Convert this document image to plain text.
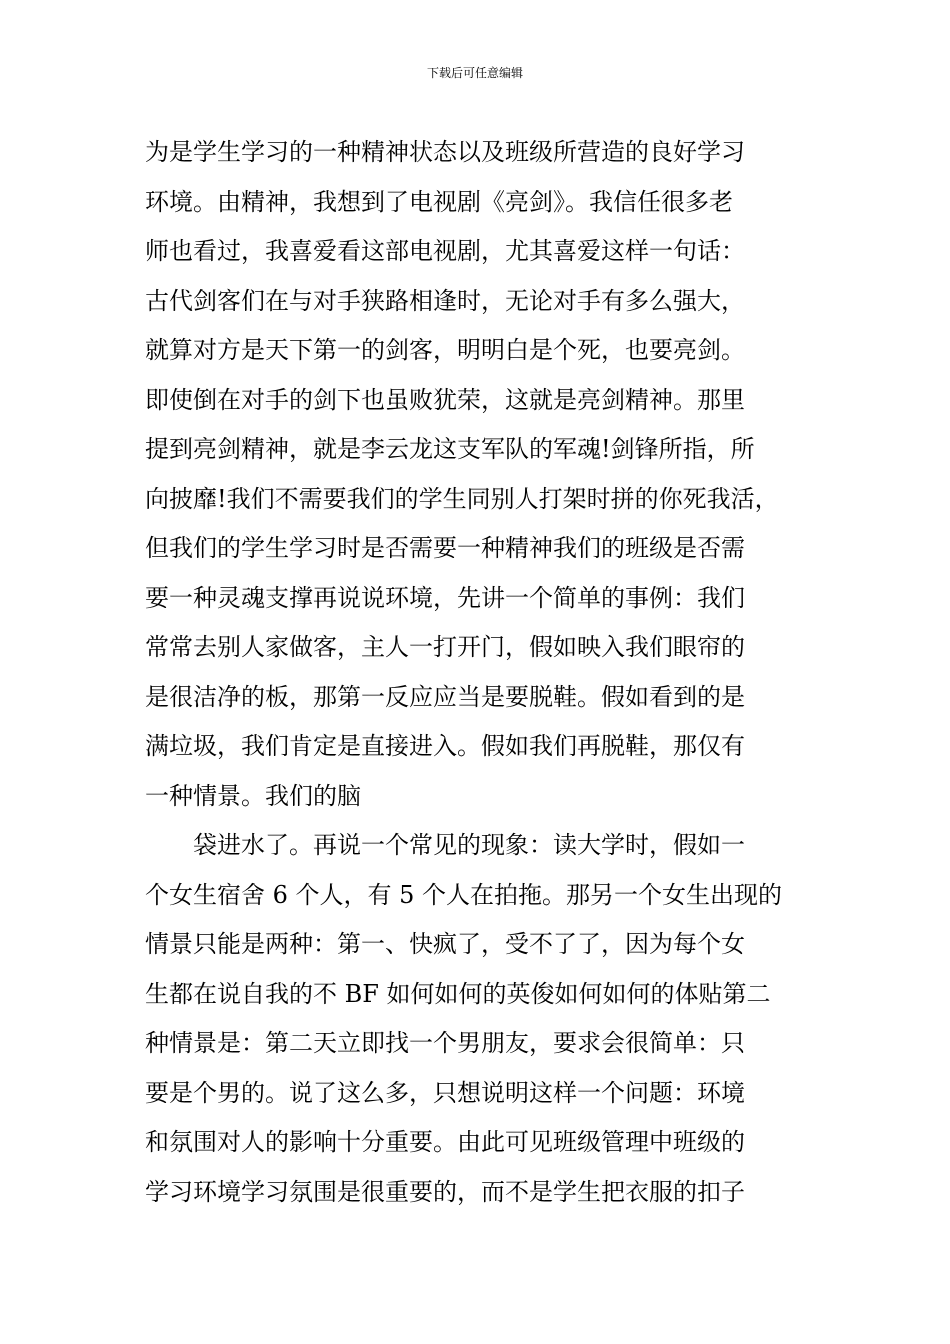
下载后可任意编辑
为是学生学习的一种精神状态以及班级所营造的良好学习
环境。由精神，我想到了电视剧《亮剑》。我信任很多老
师也看过，我喜爱看这部电视剧，尤其喜爱这样一句话：
古代剑客们在与对手狭路相逢时，无论对手有多么强大，
就算对方是天下第一的剑客，明明白是个死，也要亮剑。
即使倒在对手的剑下也虽败犹荣，这就是亮剑精神。那里
提到亮剑精神，就是李云龙这支军队的军魂!剑锋所指，所
向披靡!我们不需要我们的学生同别人打架时拼的你死我活，
但我们的学生学习时是否需要一种精神我们的班级是否需
要一种灵魂支撑再说说环境，先讲一个简单的事例：我们
常常去别人家做客，主人一打开门，假如映入我们眼帘的
是很洁净的板，那第一反应应当是要脱鞋。假如看到的是
满垃圾，我们肯定是直接进入。假如我们再脱鞋，那仅有
一种情景。我们的脑
袋进水了。再说一个常见的现象：读大学时，假如一
个女生宿舍 6 个人，有 5 个人在拍拖。那另一个女生出现的
情景只能是两种：第一、快疯了，受不了了，因为每个女
生都在说自我的不 BF 如何如何的英俊如何如何的体贴第二
种情景是：第二天立即找一个男朋友，要求会很简单：只
要是个男的。说了这么多，只想说明这样一个问题：环境
和氛围对人的影响十分重要。由此可见班级管理中班级的
学习环境学习氛围是很重要的，而不是学生把衣服的扣子
